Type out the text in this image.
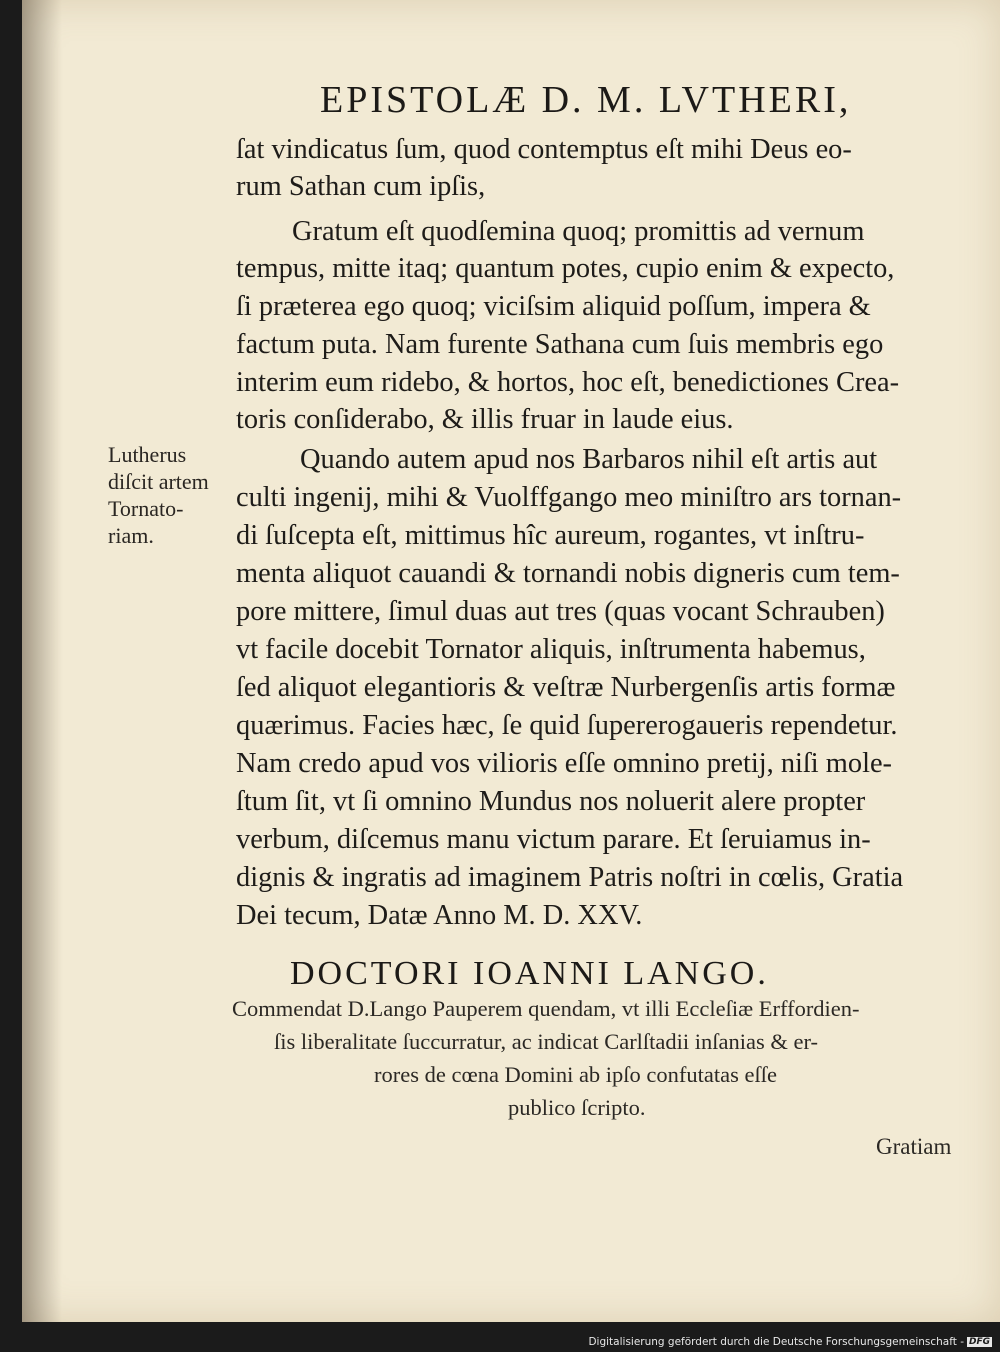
EPISTOLÆ D. M. LVTHERI,
ſat vindicatus ſum, quod contemptus eſt mihi Deus eo-
rum Sathan cum ipſis,
Gratum eſt quodſemina quoq; promittis ad vernum
tempus, mitte itaq; quantum potes, cupio enim & expecto,
ſi præterea ego quoq; viciſsim aliquid poſſum, impera &
factum puta. Nam furente Sathana cum ſuis membris ego
interim eum ridebo, & hortos, hoc eſt, benedictiones Crea-
toris conſiderabo, & illis fruar in laude eius.
Quando autem apud nos Barbaros nihil eſt artis aut
culti ingenij, mihi & Vuolffgango meo miniſtro ars tornan-
di ſuſcepta eſt, mittimus hîc aureum, rogantes, vt inſtru-
menta aliquot cauandi & tornandi nobis digneris cum tem-
pore mittere, ſimul duas aut tres (quas vocant Schrauben)
vt facile docebit Tornator aliquis, inſtrumenta habemus,
ſed aliquot elegantioris & veſtræ Nurbergenſis artis formæ
quærimus. Facies hæc, ſe quid ſupererogaueris rependetur.
Nam credo apud vos vilioris eſſe omnino pretij, niſi mole-
ſtum ſit, vt ſi omnino Mundus nos noluerit alere propter
verbum, diſcemus manu victum parare. Et ſeruiamus in-
dignis & ingratis ad imaginem Patris noſtri in cœlis, Gratia
Dei tecum, Datæ Anno M. D. XXV.
Lutherus
diſcit artem
Tornato-
riam.
DOCTORI IOANNI LANGO.
Commendat D.Lango Pauperem quendam, vt illi Eccleſiæ Erffordien-
ſis liberalitate ſuccurratur, ac indicat Carlſtadii inſanias & er-
rores de cœna Domini ab ipſo confutatas eſſe
publico ſcripto.
Gratiam
Digitalisierung gefördert durch die Deutsche Forschungsgemeinschaft - DFG
